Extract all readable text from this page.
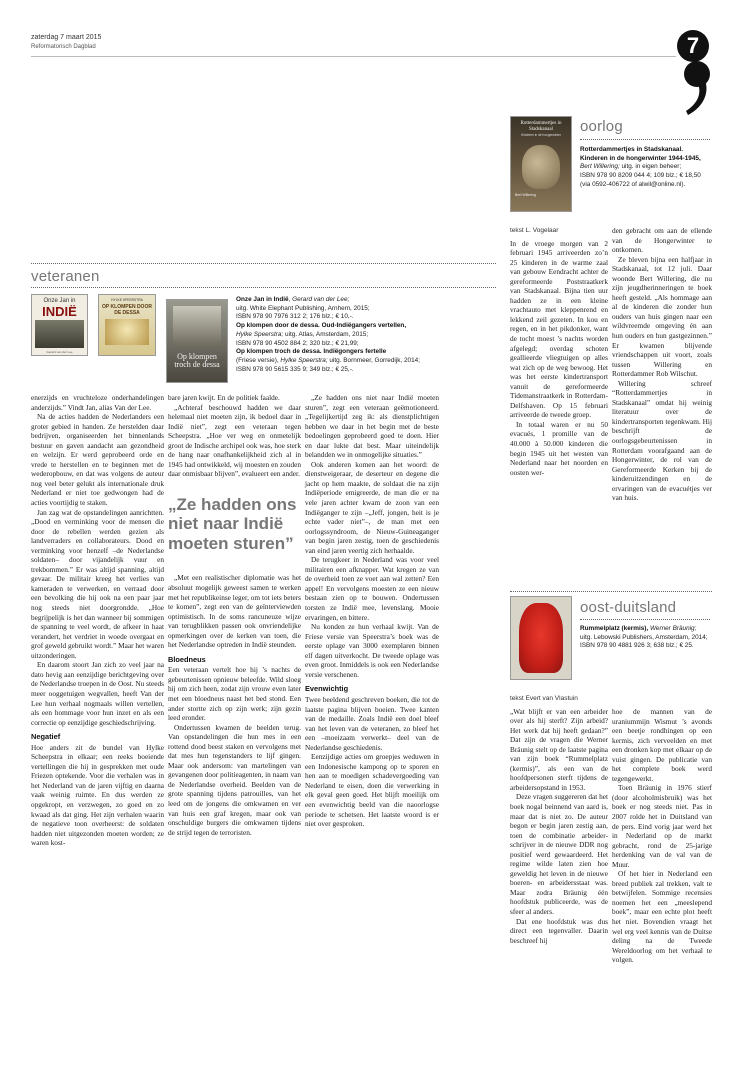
zaterdag 7 maart 2015
Reformatorisch Dagblad	7
Rotterdammertjes in Stadskanaal
Kinderen in de hongerwinter
Bert Willering
oorlog
Rotterdammertjes in Stadskanaal. Kinderen in de hongerwinter 1944-1945,
Bert Willering; uitg. in eigen beheer;
ISBN 978 90 8209 044 4; 109 blz.; € 18,50
(via 0592-406722 of alwil@online.nl).
veteranen
Onze Jan in
INDIË
Gerard van der Lee
HYLKE SPEERSTRA
OP KLOMPEN DOOR DE DESSA
Op klompen troch de dessa
Onze Jan in Indië, Gerard van der Lee;
uitg. White Elephant Publishing, Arnhem, 2015;
ISBN 978 90 7976 312 2; 176 blz.; € 10,-.
Op klompen door de dessa. Oud-Indiëgangers vertellen,
Hylke Speerstra; uitg. Atlas, Amsterdam, 2015;
ISBN 978 90 4502 884 2; 320 blz.; € 21,99;
Op klompen troch de dessa. Indiëgongers fertelle
(Friese versie), Hylke Speerstra; uitg. Bornmeer, Gorredijk, 2014;
ISBN 978 90 5615 335 9; 349 blz.; € 25,-.

enerzijds en vruchteloze onderhandelingen anderzijds.” Vindt Jan, alias Van der Lee.

Na de acties hadden de Nederlanders een groter gebied in handen. Ze herstelden daar bedrijven, organiseerden het binnenlands bestuur en gaven aandacht aan gezondheid en welzijn. Er werd geprobeerd orde en vrede te herstellen en te beginnen met de wederopbouw, en dat was volgens de auteur nog veel beter gelukt als internationale druk Nederland er niet toe gedwongen had de acties voortijdig te staken.

Jan zag wat de opstandelingen aanrichtten. „Dood en verminking voor de mensen die door de rebellen werden gezien als landverraders en collaborateurs. Dood en verminking voor henzelf –de Nederlandse soldaten– door vijandelijk vuur en trekbommen.” Er was altijd spanning, altijd gevaar. De militair kreeg het verlies van kameraden te verwerken, en verraad door een bevolking die hij ook na een paar jaar nog steeds niet doorgrondde. „Hoe begrijpelijk is het dan wanneer bij sommigen de spanning te veel wordt, de afkeer in haat verandert, het verdriet in woede overgaat en grof geweld gebruikt wordt.” Maar het waren uitzonderingen.

En daarom stoort Jan zich zo veel jaar na dato hevig aan eenzijdige berichtgeving over de Nederlandse troepen in de Oost. Nu steeds meer ooggetuigen wegvallen, heeft Van der Lee hun verhaal nogmaals willen vertellen, als een hommage voor hun inzet en als een correctie op eenzijdige geschiedschrijving.

Negatief

Hoe anders zit de bundel van Hylke Scheepstra in elkaar; een reeks boeiende vertellingen die hij in gesprekken met oude Friezen optekende. Voor die verhalen was in het Nederland van de jaren vijftig en daarna vaak weinig ruimte. En dus werden ze opgekropt, en verzwegen, zo goed en zo kwaad als dat ging. Het zijn verhalen waarin de negatieve toon overheerst: de soldaten hadden niet uitgezonden moeten worden; ze waren kost-

bare jaren kwijt. En de politiek faalde.

„Achteraf beschouwd hadden we daar helemaal niet moeten zijn, ik bedoel daar in Indië niet”, zegt een veteraan tegen Scheepstra. „Hoe ver weg en onmetelijk groot de Indische archipel ook was, hoe sterk de hang naar onafhankelijkheid zich al in 1945 had ontwikkeld, wij moesten en zouden daar onmisbaar blijven”, evalueert een ander.

„Ze hadden ons niet naar Indië moeten sturen”

„Met een realistischer diplomatie was het absoluut mogelijk geweest samen te werken met het republikeinse leger, om tot iets beters te komen”, zegt een van de geïnterviewden optimistisch. In de soms rancuneuze wijze van terugblikken passen ook onvriendelijke opmerkingen over de kerken van toen, die het Nederlandse optreden in Indië steunden.

Bloedneus

Een veteraan vertelt hoe hij ’s nachts de gebeurtenissen opnieuw beleefde. Wild sloeg hij om zich heen, zodat zijn vrouw even later met een bloedneus naast het bed stond. Een ander stortte zich op zijn werk; zijn gezin leed eronder.

Ondertussen kwamen de beelden terug. Van opstandelingen die hun mes in een rottend dood beest staken en vervolgens met dat mes hun tegenstanders te lijf gingen. Maar ook andersom: van martelingen van gevangenen door politieagenten, in naam van de Nederlandse overheid. Beelden van de grote spanning tijdens patrouilles, van het leed om de jongens die omkwamen en ver van huis een graf kregen, maar ook van onschuldige burgers die omkwamen tijdens de strijd tegen de terroristen.

„Ze hadden ons niet naar Indië moeten sturen”, zegt een veteraan geëmotioneerd. „Tegelijkertijd zeg ik: als dienstplichtigen hebben we daar in het begin met de beste bedoelingen geprobeerd goed te doen. Hier en daar lukte dat best. Maar uiteindelijk belandden we in onmogelijke situaties.”

Ook anderen komen aan het woord: de dienstweigeraar, de deserteur en degene die jacht op hem maakte, de soldaat die na zijn Indiëperiode emigreerde, de man die er na vele jaren achter kwam de zoon van een Indiëganger te zijn –„Jeff, jongen, heit is je echte vader niet”–, de man met een oorlogssyndroom, de Nieuw-Guineaganger van begin jaren zestig, toen de geschiedenis van eind jaren veertig zich herhaalde.

De terugkeer in Nederland was voor veel militairen een afknapper. Wat kregen ze van de overheid toen ze voet aan wal zetten? Een appel! En vervolgens moesten ze een nieuw bestaan zien op te bouwen. Ondertussen torsten ze Indië mee, levenslang. Mooie ervaringen, en bittere.

Nu konden ze hun verhaal kwijt. Van de Friese versie van Speerstra’s boek was de eerste oplage van 3000 exemplaren binnen elf dagen uitverkocht. De tweede oplage was even groot. Inmiddels is ook een Nederlandse versie verschenen.

Evenwichtig

Twee beeldend geschreven boeken, die tot de laatste pagina blijven boeien. Twee kanten van de medaille. Zoals Indië een doel bleef van het leven van de veteranen, zo bleef het een –moeizaam verwerkt– deel van de Nederlandse geschiedenis.

Eenzijdige acties om groepjes weduwen in een Indonesische kampong op te sporen en hen aan te moedigen schadevergoeding van Nederland te eisen, doen die verwerking in elk geval geen goed. Het blijft moeilijk om een evenwichtig beeld van die naoorlogse periode te schetsen. Het laatste woord is er niet over gesproken.

tekst L. Vogelaar

In de vroege morgen van 2 februari 1945 arriveerden zo’n 25 kinderen in de warme zaal van gebouw Eendracht achter de gereformeerde Poststraatkerk van Stadskanaal. Bijna tien uur hadden ze in een kleine vrachtauto met kleppenrend en lekkend zeil gezeten. In kou en regen, en in het pikdonker, want de tocht moest ’s nachts worden afgelegd; overdag schoten geallieerde vliegtuigen op alles wat zich op de weg bewoog. Het was het eerste kindertransport vanuit de gereformeerde Tidemanstraatkerk in Rotterdam-Delfshaven. Op 15 februari arriveerde de tweede groep.

In totaal waren er nu 50 evacués, 1 promille van de 40.000 à 50.000 kinderen die begin 1945 uit het westen van Nederland naar het noorden en oosten wer-

den gebracht om aan de ellende van de Hongerwinter te ontkomen.

Ze bleven bijna een halfjaar in Stadskanaal, tot 12 juli. Daar woonde Bert Willering, die nu zijn jeugdherinneringen te boek heeft gesteld. „Als hommage aan al de kinderen die zonder hun ouders van huis gingen naar een wildvreemde omgeving én aan hun ouders en hun gastgezinnen.” Er kwamen blijvende vriendschappen uit voort, zoals tussen Willering en Rotterdammer Rob Wilschut.

Willering schreef “Rotterdammertjes in Stadskanaal” omdat hij weinig literatuur over de kindertransporten tegenkwam. Hij beschrijft de oorlogsgebeurtenissen in Rotterdam voorafgaand aan de Hongerwinter, de rol van de Gereformeerde Kerken bij de kinderuitzendingen en de ervaringen van de evacuétjes ver van huis.

oost-duitsland
Rummelplatz (kermis), Werner Bräunig;
uitg. Lebowski Publishers, Amsterdam, 2014;
ISBN 978 90 4881 926 3; 638 blz.; € 25.
tekst Evert van Vlastuin

„Wat blijft er van een arbeider over als hij sterft? Zijn arbeid? Het werk dat hij heeft gedaan?” Dat zijn de vragen die Werner Bräunig stelt op de laatste pagina van zijn boek “Rummelplatz (kermis)”, als een van de hoofdpersonen sterft tijdens de arbeidersopstand in 1953.

Deze vragen suggereren dat het boek nogal beinnend van aard is, maar dat is niet zo. De auteur begon er begin jaren zestig aan, toen de combinatie arbeider-schrijver in de nieuwe DDR nog positief werd gewaardeerd. Het regime wilde laten zien hoe geweldig het leven in de nieuwe boeren- en arbeidersstaat was. Maar zodra Bräunig één hoofdstuk publiceerde, was de sfeer al anders.

Dat ene hoofdstuk was dus direct een tegenvaller. Daarin beschreef hij

hoe de mannen van de uraniummijn Wismut ’s avonds een beetje rondhingen op een kermis, zich verveelden en met een dronken kop met elkaar op de vuist gingen. De publicatie van het complete boek werd tegengewerkt.

Toen Bräunig in 1976 stierf (door alcoholmisbruik) was het boek er nog steeds niet. Pas in 2007 rolde het in Duitsland van de pers. Eind vorig jaar werd het in Nederland op de markt gebracht, rond de 25-jarige herdenking van de val van de Muur.

Of het hier in Nederland een breed publiek zal trekken, valt te betwijfelen. Sommige recensies noemen het een „meeslepend boek”, maar een echte plot heeft het niet. Bovendien vraagt het wel erg veel kennis van de Duitse deling na de Tweede Wereldoorlog om het verhaal te volgen.
